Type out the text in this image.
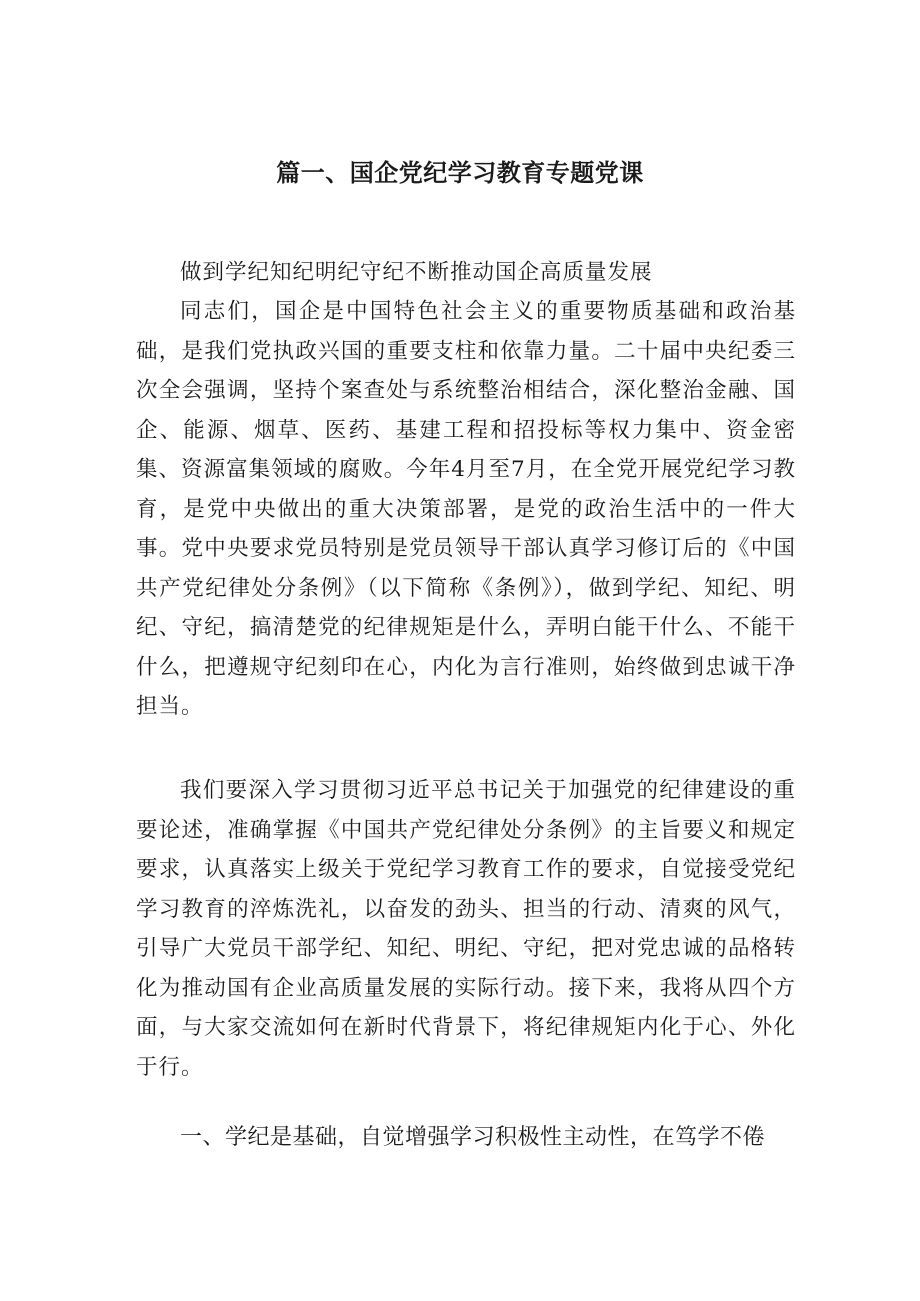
篇一、国企党纪学习教育专题党课
做到学纪知纪明纪守纪不断推动国企高质量发展
同志们，国企是中国特色社会主义的重要物质基础和政治基础，是我们党执政兴国的重要支柱和依靠力量。二十届中央纪委三次全会强调，坚持个案查处与系统整治相结合，深化整治金融、国企、能源、烟草、医药、基建工程和招投标等权力集中、资金密集、资源富集领域的腐败。今年4月至7月，在全党开展党纪学习教育，是党中央做出的重大决策部署，是党的政治生活中的一件大事。党中央要求党员特别是党员领导干部认真学习修订后的《中国共产党纪律处分条例》（以下简称《条例》），做到学纪、知纪、明纪、守纪，搞清楚党的纪律规矩是什么，弄明白能干什么、不能干什么，把遵规守纪刻印在心，内化为言行准则，始终做到忠诚干净担当。
我们要深入学习贯彻习近平总书记关于加强党的纪律建设的重要论述，准确掌握《中国共产党纪律处分条例》的主旨要义和规定要求，认真落实上级关于党纪学习教育工作的要求，自觉接受党纪学习教育的淬炼洗礼，以奋发的劲头、担当的行动、清爽的风气，引导广大党员干部学纪、知纪、明纪、守纪，把对党忠诚的品格转化为推动国有企业高质量发展的实际行动。接下来，我将从四个方面，与大家交流如何在新时代背景下，将纪律规矩内化于心、外化于行。
一、学纪是基础，自觉增强学习积极性主动性，在笃学不倦
